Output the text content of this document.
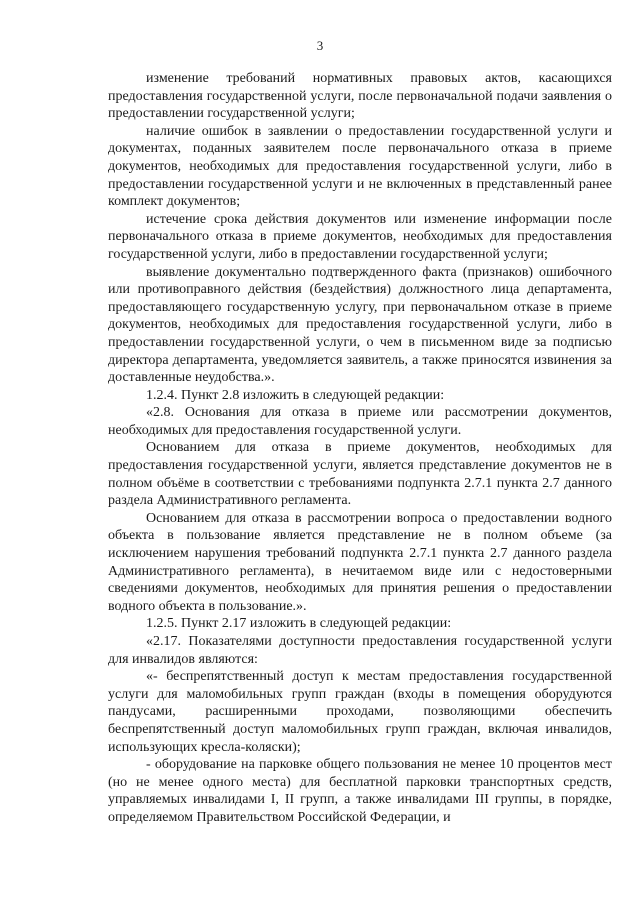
3

изменение требований нормативных правовых актов, касающихся предоставления государственной услуги, после первоначальной подачи заявления о предоставлении государственной услуги;

наличие ошибок в заявлении о предоставлении государственной услуги и документах, поданных заявителем после первоначального отказа в приеме документов, необходимых для предоставления государственной услуги, либо в предоставлении государственной услуги и не включенных в представленный ранее комплект документов;

истечение срока действия документов или изменение информации после первоначального отказа в приеме документов, необходимых для предоставления государственной услуги, либо в предоставлении государственной услуги;

выявление документально подтвержденного факта (признаков) ошибочного или противоправного действия (бездействия) должностного лица департамента, предоставляющего государственную услугу, при первоначальном отказе в приеме документов, необходимых для предоставления государственной услуги, либо в предоставлении государственной услуги, о чем в письменном виде за подписью директора департамента, уведомляется заявитель, а также приносятся извинения за доставленные неудобства.».

1.2.4. Пункт 2.8 изложить в следующей редакции:

«2.8. Основания для отказа в приеме или рассмотрении документов, необходимых для предоставления государственной услуги.

Основанием для отказа в приеме документов, необходимых для предоставления государственной услуги, является представление документов не в полном объёме в соответствии с требованиями подпункта 2.7.1 пункта 2.7 данного раздела Административного регламента.

Основанием для отказа в рассмотрении вопроса о предоставлении водного объекта в пользование является представление не в полном объеме (за исключением нарушения требований подпункта 2.7.1 пункта 2.7 данного раздела Административного регламента), в нечитаемом виде или с недостоверными сведениями документов, необходимых для принятия решения о предоставлении водного объекта в пользование.».

1.2.5. Пункт 2.17 изложить в следующей редакции:

«2.17. Показателями доступности предоставления государственной услуги для инвалидов являются:

«- беспрепятственный доступ к местам предоставления государственной услуги для маломобильных групп граждан (входы в помещения оборудуются пандусами, расширенными проходами, позволяющими обеспечить беспрепятственный доступ маломобильных групп граждан, включая инвалидов, использующих кресла-коляски);

- оборудование на парковке общего пользования не менее 10 процентов мест (но не менее одного места) для бесплатной парковки транспортных средств, управляемых инвалидами I, II групп, а также инвалидами III группы, в порядке, определяемом Правительством Российской Федерации, и
